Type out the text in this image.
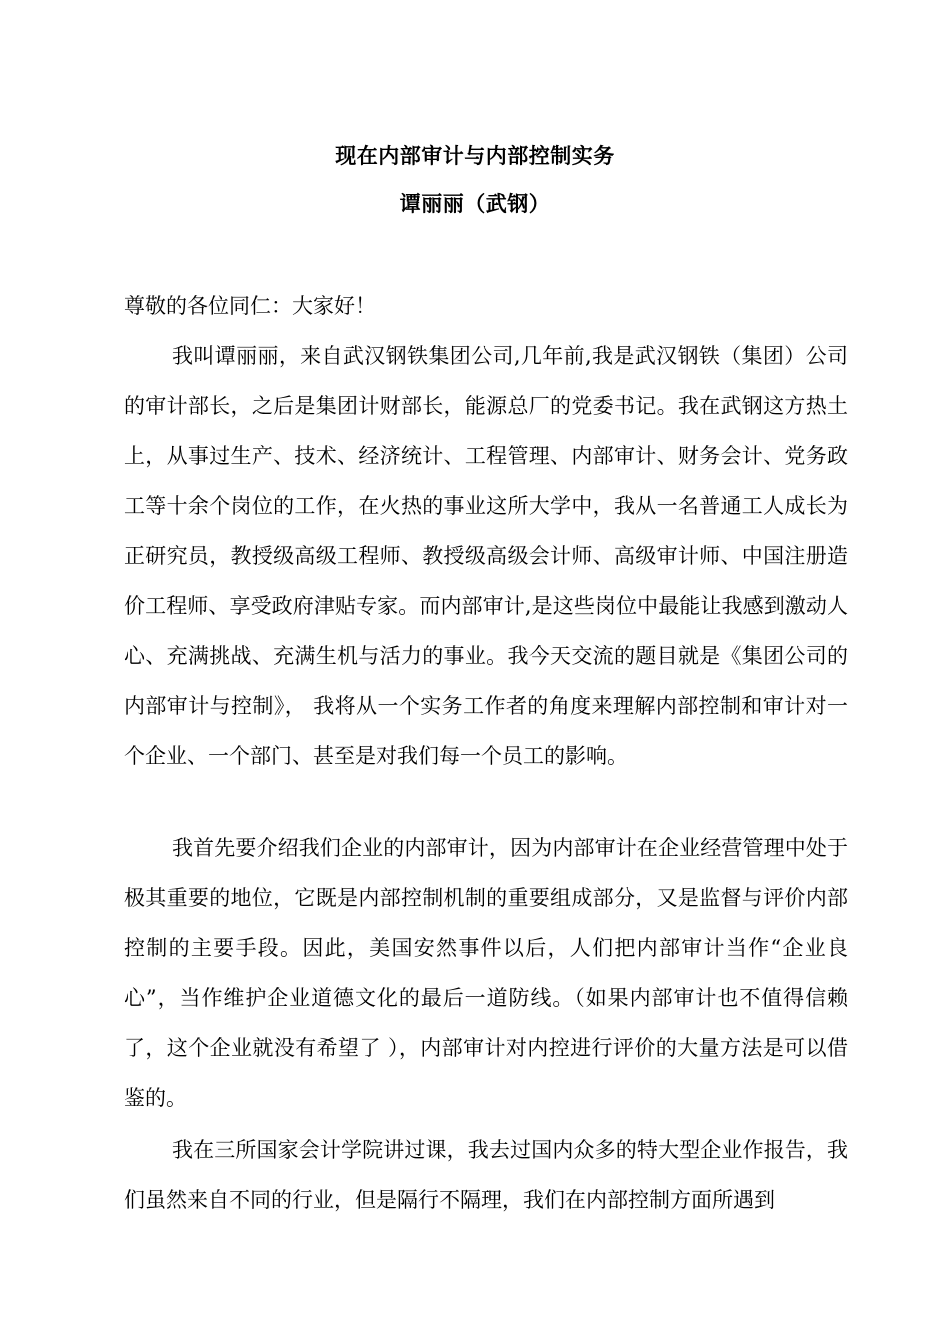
现在内部审计与内部控制实务
谭丽丽（武钢）
尊敬的各位同仁：大家好！

我叫谭丽丽，来自武汉钢铁集团公司,几年前,我是武汉钢铁（集团）公司的审计部长，之后是集团计财部长，能源总厂的党委书记。我在武钢这方热土上，从事过生产、技术、经济统计、工程管理、内部审计、财务会计、党务政工等十余个岗位的工作，在火热的事业这所大学中，我从一名普通工人成长为正研究员，教授级高级工程师、教授级高级会计师、高级审计师、中国注册造价工程师、享受政府津贴专家。而内部审计,是这些岗位中最能让我感到激动人心、充满挑战、充满生机与活力的事业。我今天交流的题目就是《集团公司的内部审计与控制》， 我将从一个实务工作者的角度来理解内部控制和审计对一个企业、一个部门、甚至是对我们每一个员工的影响。

我首先要介绍我们企业的内部审计，因为内部审计在企业经营管理中处于极其重要的地位，它既是内部控制机制的重要组成部分，又是监督与评价内部控制的主要手段。因此，美国安然事件以后，人们把内部审计当作“企业良心”，当作维护企业道德文化的最后一道防线。（如果内部审计也不值得信赖了，这个企业就没有希望了 ），内部审计对内控进行评价的大量方法是可以借鉴的。

我在三所国家会计学院讲过课，我去过国内众多的特大型企业作报告，我们虽然来自不同的行业，但是隔行不隔理，我们在内部控制方面所遇到
